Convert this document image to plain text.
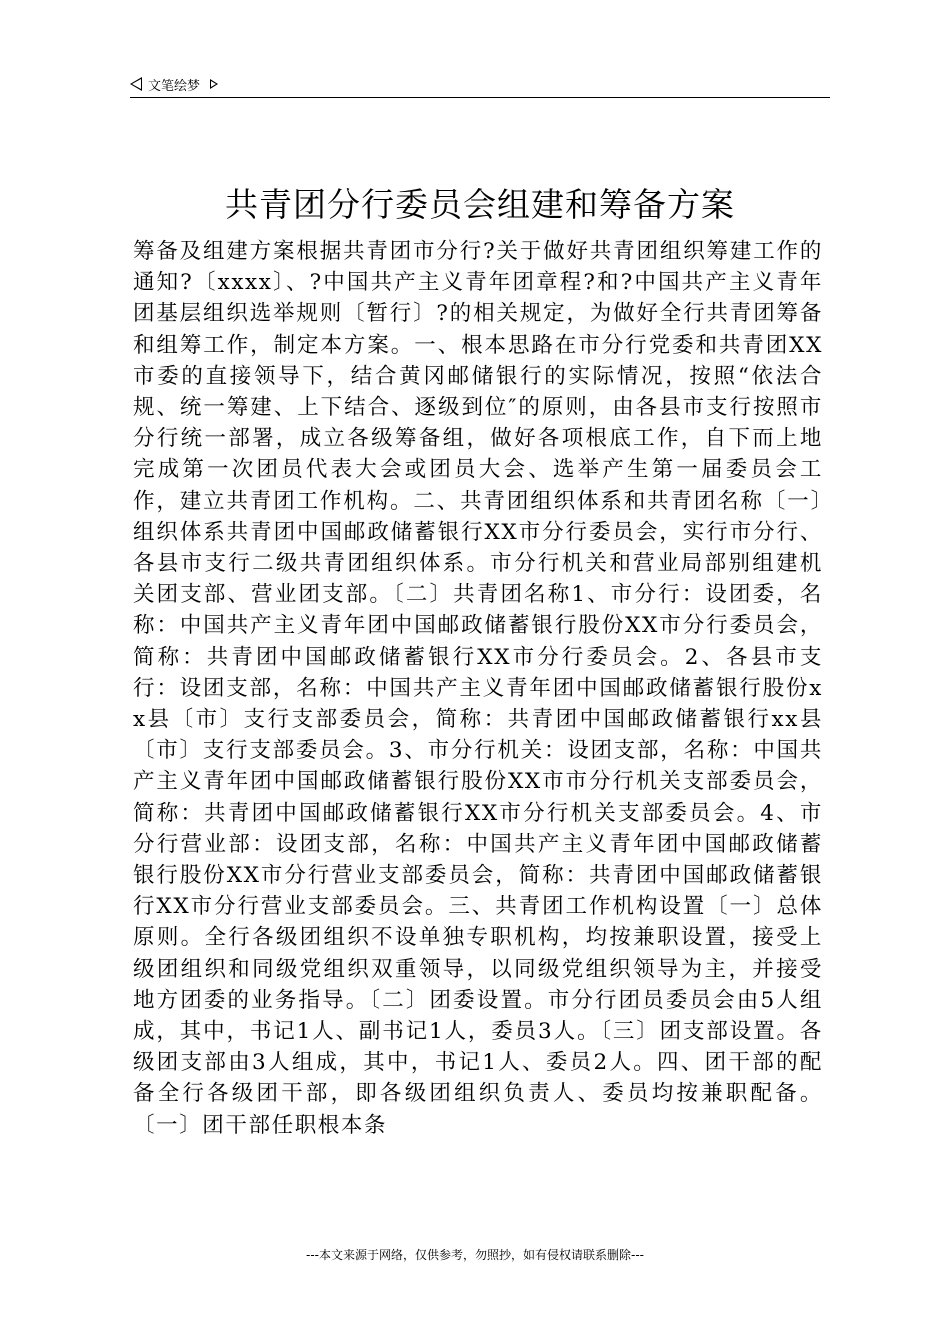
文笔绘梦
共青团分行委员会组建和筹备方案
筹备及组建方案根据共青团市分行?关于做好共青团组织筹建工作的通知?〔xxxx〕、?中国共产主义青年团章程?和?中国共产主义青年团基层组织选举规则〔暂行〕?的相关规定，为做好全行共青团筹备和组筹工作，制定本方案。一、根本思路在市分行党委和共青团XX市委的直接领导下，结合黄冈邮储银行的实际情况，按照“依法合规、统一筹建、上下结合、逐级到位″的原则，由各县市支行按照市分行统一部署，成立各级筹备组，做好各项根底工作，自下而上地完成第一次团员代表大会或团员大会、选举产生第一届委员会工作，建立共青团工作机构。二、共青团组织体系和共青团名称〔一〕组织体系共青团中国邮政储蓄银行XX市分行委员会，实行市分行、各县市支行二级共青团组织体系。市分行机关和营业局部别组建机关团支部、营业团支部。〔二〕共青团名称1、市分行：设团委，名称：中国共产主义青年团中国邮政储蓄银行股份XX市分行委员会，简称：共青团中国邮政储蓄银行XX市分行委员会。2、各县市支行：设团支部，名称：中国共产主义青年团中国邮政储蓄银行股份xx县〔市〕支行支部委员会，简称：共青团中国邮政储蓄银行xx县〔市〕支行支部委员会。3、市分行机关：设团支部，名称：中国共产主义青年团中国邮政储蓄银行股份XX市市分行机关支部委员会，简称：共青团中国邮政储蓄银行XX市分行机关支部委员会。4、市分行营业部：设团支部，名称：中国共产主义青年团中国邮政储蓄银行股份XX市分行营业支部委员会，简称：共青团中国邮政储蓄银行XX市分行营业支部委员会。三、共青团工作机构设置〔一〕总体原则。全行各级团组织不设单独专职机构，均按兼职设置，接受上级团组织和同级党组织双重领导，以同级党组织领导为主，并接受地方团委的业务指导。〔二〕团委设置。市分行团员委员会由5人组成，其中，书记1人、副书记1人，委员3人。〔三〕团支部设置。各级团支部由3人组成，其中，书记1人、委员2人。四、团干部的配备全行各级团干部，即各级团组织负责人、委员均按兼职配备。〔一〕团干部任职根本条
---本文来源于网络，仅供参考，勿照抄，如有侵权请联系删除---
